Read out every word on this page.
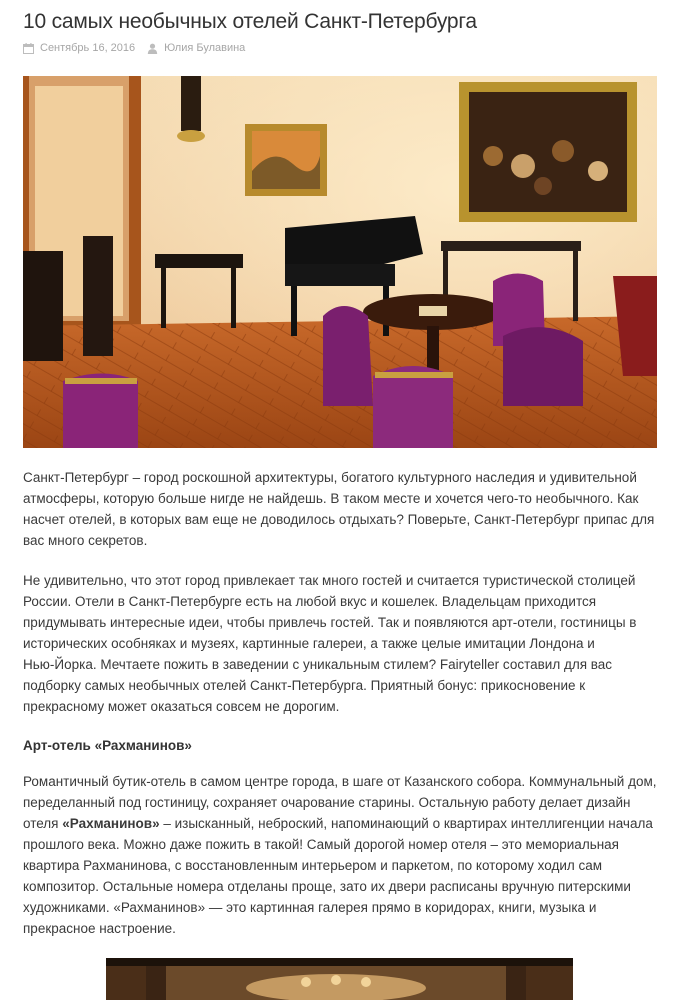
10 самых необычных отелей Санкт-Петербурга
Сентябрь 16, 2016	Юлия Булавина

Санкт-Петербург – город роскошной архитектуры, богатого культурного наследия и удивительной

атмосферы, которую больше нигде не найдешь. В таком месте и хочется чего-то необычного. Как

насчет отелей, в которых вам еще не доводилось отдыхать? Поверьте, Санкт-Петербург припас для

вас много секретов.

Не удивительно, что этот город привлекает так много гостей и считается туристической столицей

России. Отели в Санкт-Петербурге есть на любой вкус и кошелек. Владельцам приходится

придумывать интересные идеи, чтобы привлечь гостей. Так и появляются арт-отели, гостиницы в

исторических особняках и музеях, картинные галереи, а также целые имитации Лондона и

Нью-Йорка. Мечтаете пожить в заведении с уникальным стилем? Fairyteller составил для вас

подборку самых необычных отелей Санкт-Петербурга. Приятный бонус: прикосновение к

прекрасному может оказаться совсем не дорогим.

Арт-отель «Рахманинов»

Романтичный бутик-отель в самом центре города, в шаге от Казанского собора. Коммунальный дом,

переделанный под гостиницу, сохраняет очарование старины. Остальную работу делает дизайн

отеля «Рахманинов» – изысканный, неброский, напоминающий о квартирах интеллигенции начала

прошлого века. Можно даже пожить в такой! Самый дорогой номер отеля – это мемориальная

квартира Рахманинова, с восстановленным интерьером и паркетом, по которому ходил сам

композитор. Остальные номера отделаны проще, зато их двери расписаны вручную питерскими

художниками. «Рахманинов» — это картинная галерея прямо в коридорах, книги, музыка и

прекрасное настроение.
